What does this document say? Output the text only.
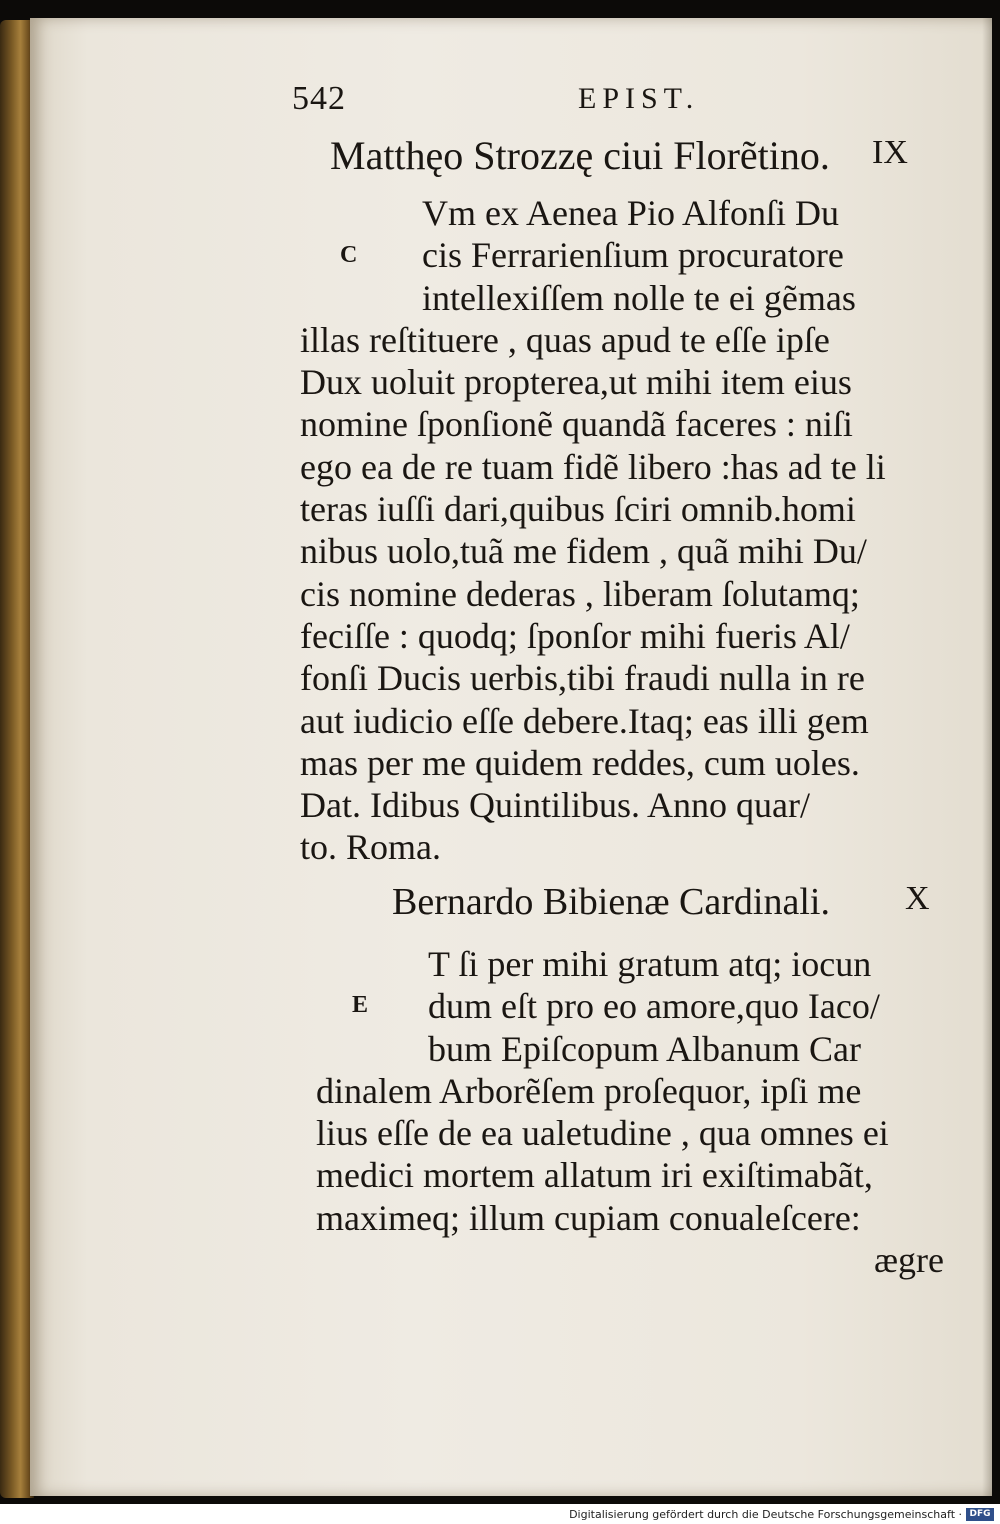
542	EPIST.
Matthęo Strozzę ciui Florẽtino. IX
C
Vm ex Aenea Pio Alfonſi Du
cis Ferrarienſium procuratore
intellexiſſem nolle te ei gẽmas
illas reſtituere , quas apud te eſſe ipſe
Dux uoluit propterea,ut mihi item eius
nomine ſponſionẽ quandã faceres : niſi
ego ea de re tuam fidẽ libero :has ad te li
teras iuſſi dari,quibus ſciri omnib.homi
nibus uolo,tuã me fidem , quã mihi Du/
cis nomine dederas , liberam ſolutamq;
feciſſe : quodq; ſponſor mihi fueris Al/
fonſi Ducis uerbis,tibi fraudi nulla in re
aut iudicio eſſe debere.Itaq; eas illi gem
mas per me quidem reddes, cum uoles.
Dat. Idibus Quintilibus. Anno quar/
to. Roma.
Bernardo Bibienæ Cardinali. X
E
T ſi per mihi gratum atq; iocun
dum eſt pro eo amore,quo Iaco/
bum Epiſcopum Albanum Car
dinalem Arborẽſem proſequor, ipſi me
lius eſſe de ea ualetudine , qua omnes ei
medici mortem allatum iri exiſtimabãt,
maximeq; illum cupiam conualeſcere:
ægre
Digitalisierung gefördert durch die Deutsche Forschungsgemeinschaft · DFG
